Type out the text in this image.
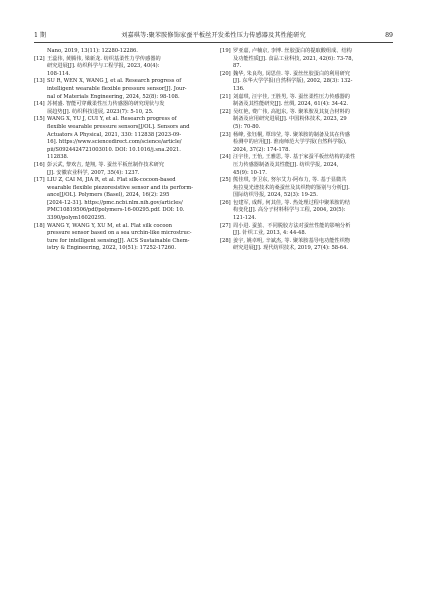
1 期	刘嘉琪等:聚苯胺修饰家蚕平板丝开发柔性压力传感器及其性能研究	89
Nano, 2019, 13(11): 12280-12286.
[12] 王蕊伟, 黄腾伟, 梁新龙. 纺织基柔性力学传感器的
研究进展[J]. 纺织科学与工程学报, 2023, 40(4):
108-114.
[13] SU R, WEN X, WANG J, et al. Research progress of
intelligent wearable flexible pressure sensor[J]. Jour-
nal of Materials Engineering, 2024, 52(8): 98-108.
[14] 苏树盛. 智能可穿戴柔性压力传感器的研究现状与发
展趋势[J]. 纺织科技进展, 2023(7): 5-10, 25.
[15] WANG X, YU J, CUI Y, et al. Research progress of
flexible wearable pressure sensors[J/OL]. Sensors and
Actuators A Physical, 2021, 330: 112838 [2023-09-
16]. https://www.sciencedirect.com/science/article/
pii/S0924424721003010. DOI: 10.1016/j.sna.2021.
112838.
[16] 彭云武, 黎欢吉, 楚翔, 等. 蚕丝平板丝制作技术研究
[J]. 安徽农业科学, 2007, 35(4): 1237.
[17] LIU Z, CAI M, JIA R, et al. Flat silk-cocoon-based
wearable flexible piezoresistive sensor and its perform-
ance[J/OL]. Polymers (Basel), 2024, 16(2): 295
[2024-12-31]. https://pmc.ncbi.nlm.nih.gov/articles/
PMC10819506/pdf/polymers-16-00295.pdf. DOI: 10.
3390/polym16020295.
[18] WANG Y, WANG Y, XU M, et al. Flat silk cocoon
pressure sensor based on a sea urchin-like microstruc-
ture for intelligent sensing[J]. ACS Sustainable Chem-
istry & Engineering, 2022, 10(51): 17252-17260.
[19] 罗亚嘉, 卢楠京, 李博. 丝胶蛋白的提取酸组成、结构
及功能性质[J]. 食品工业科技, 2021, 42(6): 73-78,
87.
[20] 魏华, 朱良均, 闵思佳. 等. 蚕丝丝胶蛋白的利用研究
[J]. 东华大学学报(自然科学版), 2002, 28(3): 132-
136.
[21] 刘嘉琪, 汪宇佳, 王胜男, 等. 蚕丝柔性压力传感器的
制备及其性能研究[J]. 丝绸, 2024, 61(4): 34-42.
[22] 吴红艳, 费广伟, 高旭东, 等. 聚苯胺及其复合材料的
制备及应用研究进展[J]. 中国粉体技术, 2023, 29
(5): 70-80.
[23] 杨峰, 张钰桐, 覃玮莹, 等. 聚苯胺的制备及其在传感
检测中的应用[J]. 淮南师范大学学报(自然科学版),
2024, 37(2): 174-178.
[24] 汪宇佳, 王怡, 王雅思, 等. 基于家蚕平板丝结构的柔性
压力传感器制备及其性能[J]. 纺织学报, 2024,
45(9): 10-17.
[25] 熊佳琪, 李卫东, 努尔艾力·阿布力, 等. 基于显微共
焦拉曼光谱技术的桑蚕丝及其织物的鉴别与分析[J].
国际纺织导报, 2024, 52(3): 19-25.
[26] 包建军, 成辉, 何其佳, 等. 热处理过程中聚苯胺的结
构变化[J]. 高分子材料科学与工程, 2004, 20(5):
121-124.
[27] 周小进. 蚕茧、不同脱胶方法对蚕丝性能的影响分析
[J]. 针织工业, 2013, 4: 44-48.
[28] 姜宇, 姚卓明, 辛斌杰, 等. 聚苯胺基导电功能性织物
研究进展[J]. 现代纺织技术, 2019, 27(4): 58-64.
